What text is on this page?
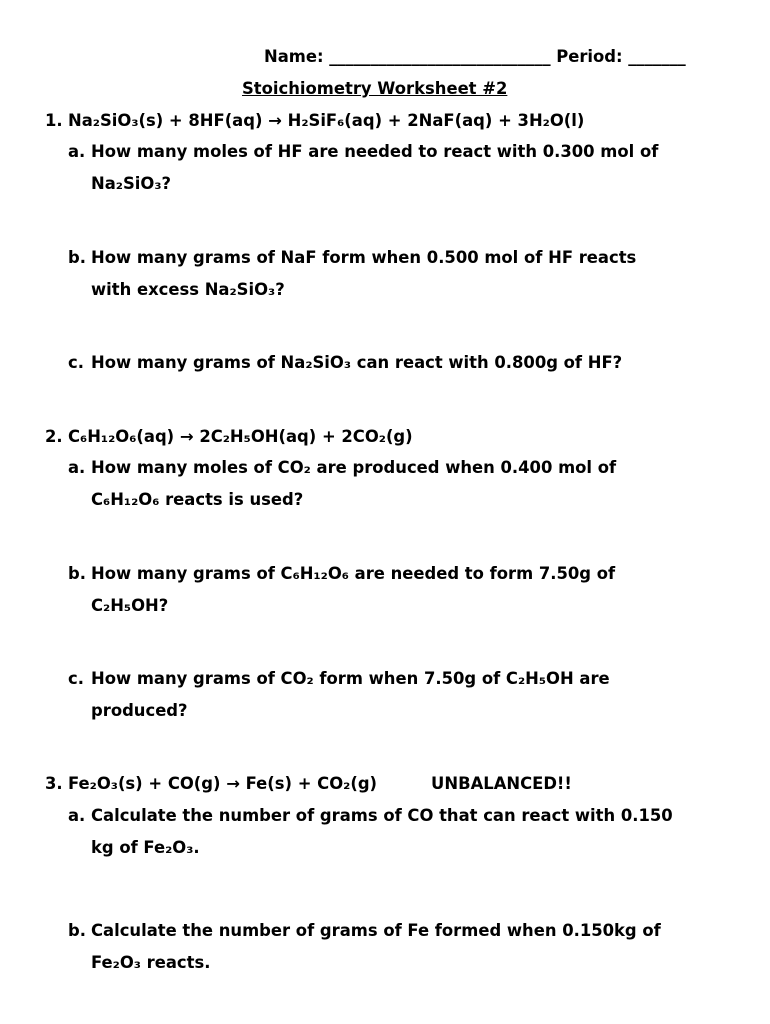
Name: ___________________________ Period: _______
Stoichiometry Worksheet #2
1. Na₂SiO₃(s) + 8HF(aq) → H₂SiF₆(aq) + 2NaF(aq) + 3H₂O(l)
a. How many moles of HF are needed to react with 0.300 mol of
Na₂SiO₃?
b. How many grams of NaF form when 0.500 mol of HF reacts
with excess Na₂SiO₃?
c. How many grams of Na₂SiO₃ can react with 0.800g of HF?
2. C₆H₁₂O₆(aq) → 2C₂H₅OH(aq) + 2CO₂(g)
a. How many moles of CO₂ are produced when 0.400 mol of
C₆H₁₂O₆ reacts is used?
b. How many grams of C₆H₁₂O₆ are needed to form 7.50g of
C₂H₅OH?
c. How many grams of CO₂ form when 7.50g of C₂H₅OH are
produced?
3. Fe₂O₃(s) + CO(g) → Fe(s) + CO₂(g)	UNBALANCED!!
a. Calculate the number of grams of CO that can react with 0.150
kg of Fe₂O₃.
b. Calculate the number of grams of Fe formed when 0.150kg of
Fe₂O₃ reacts.
